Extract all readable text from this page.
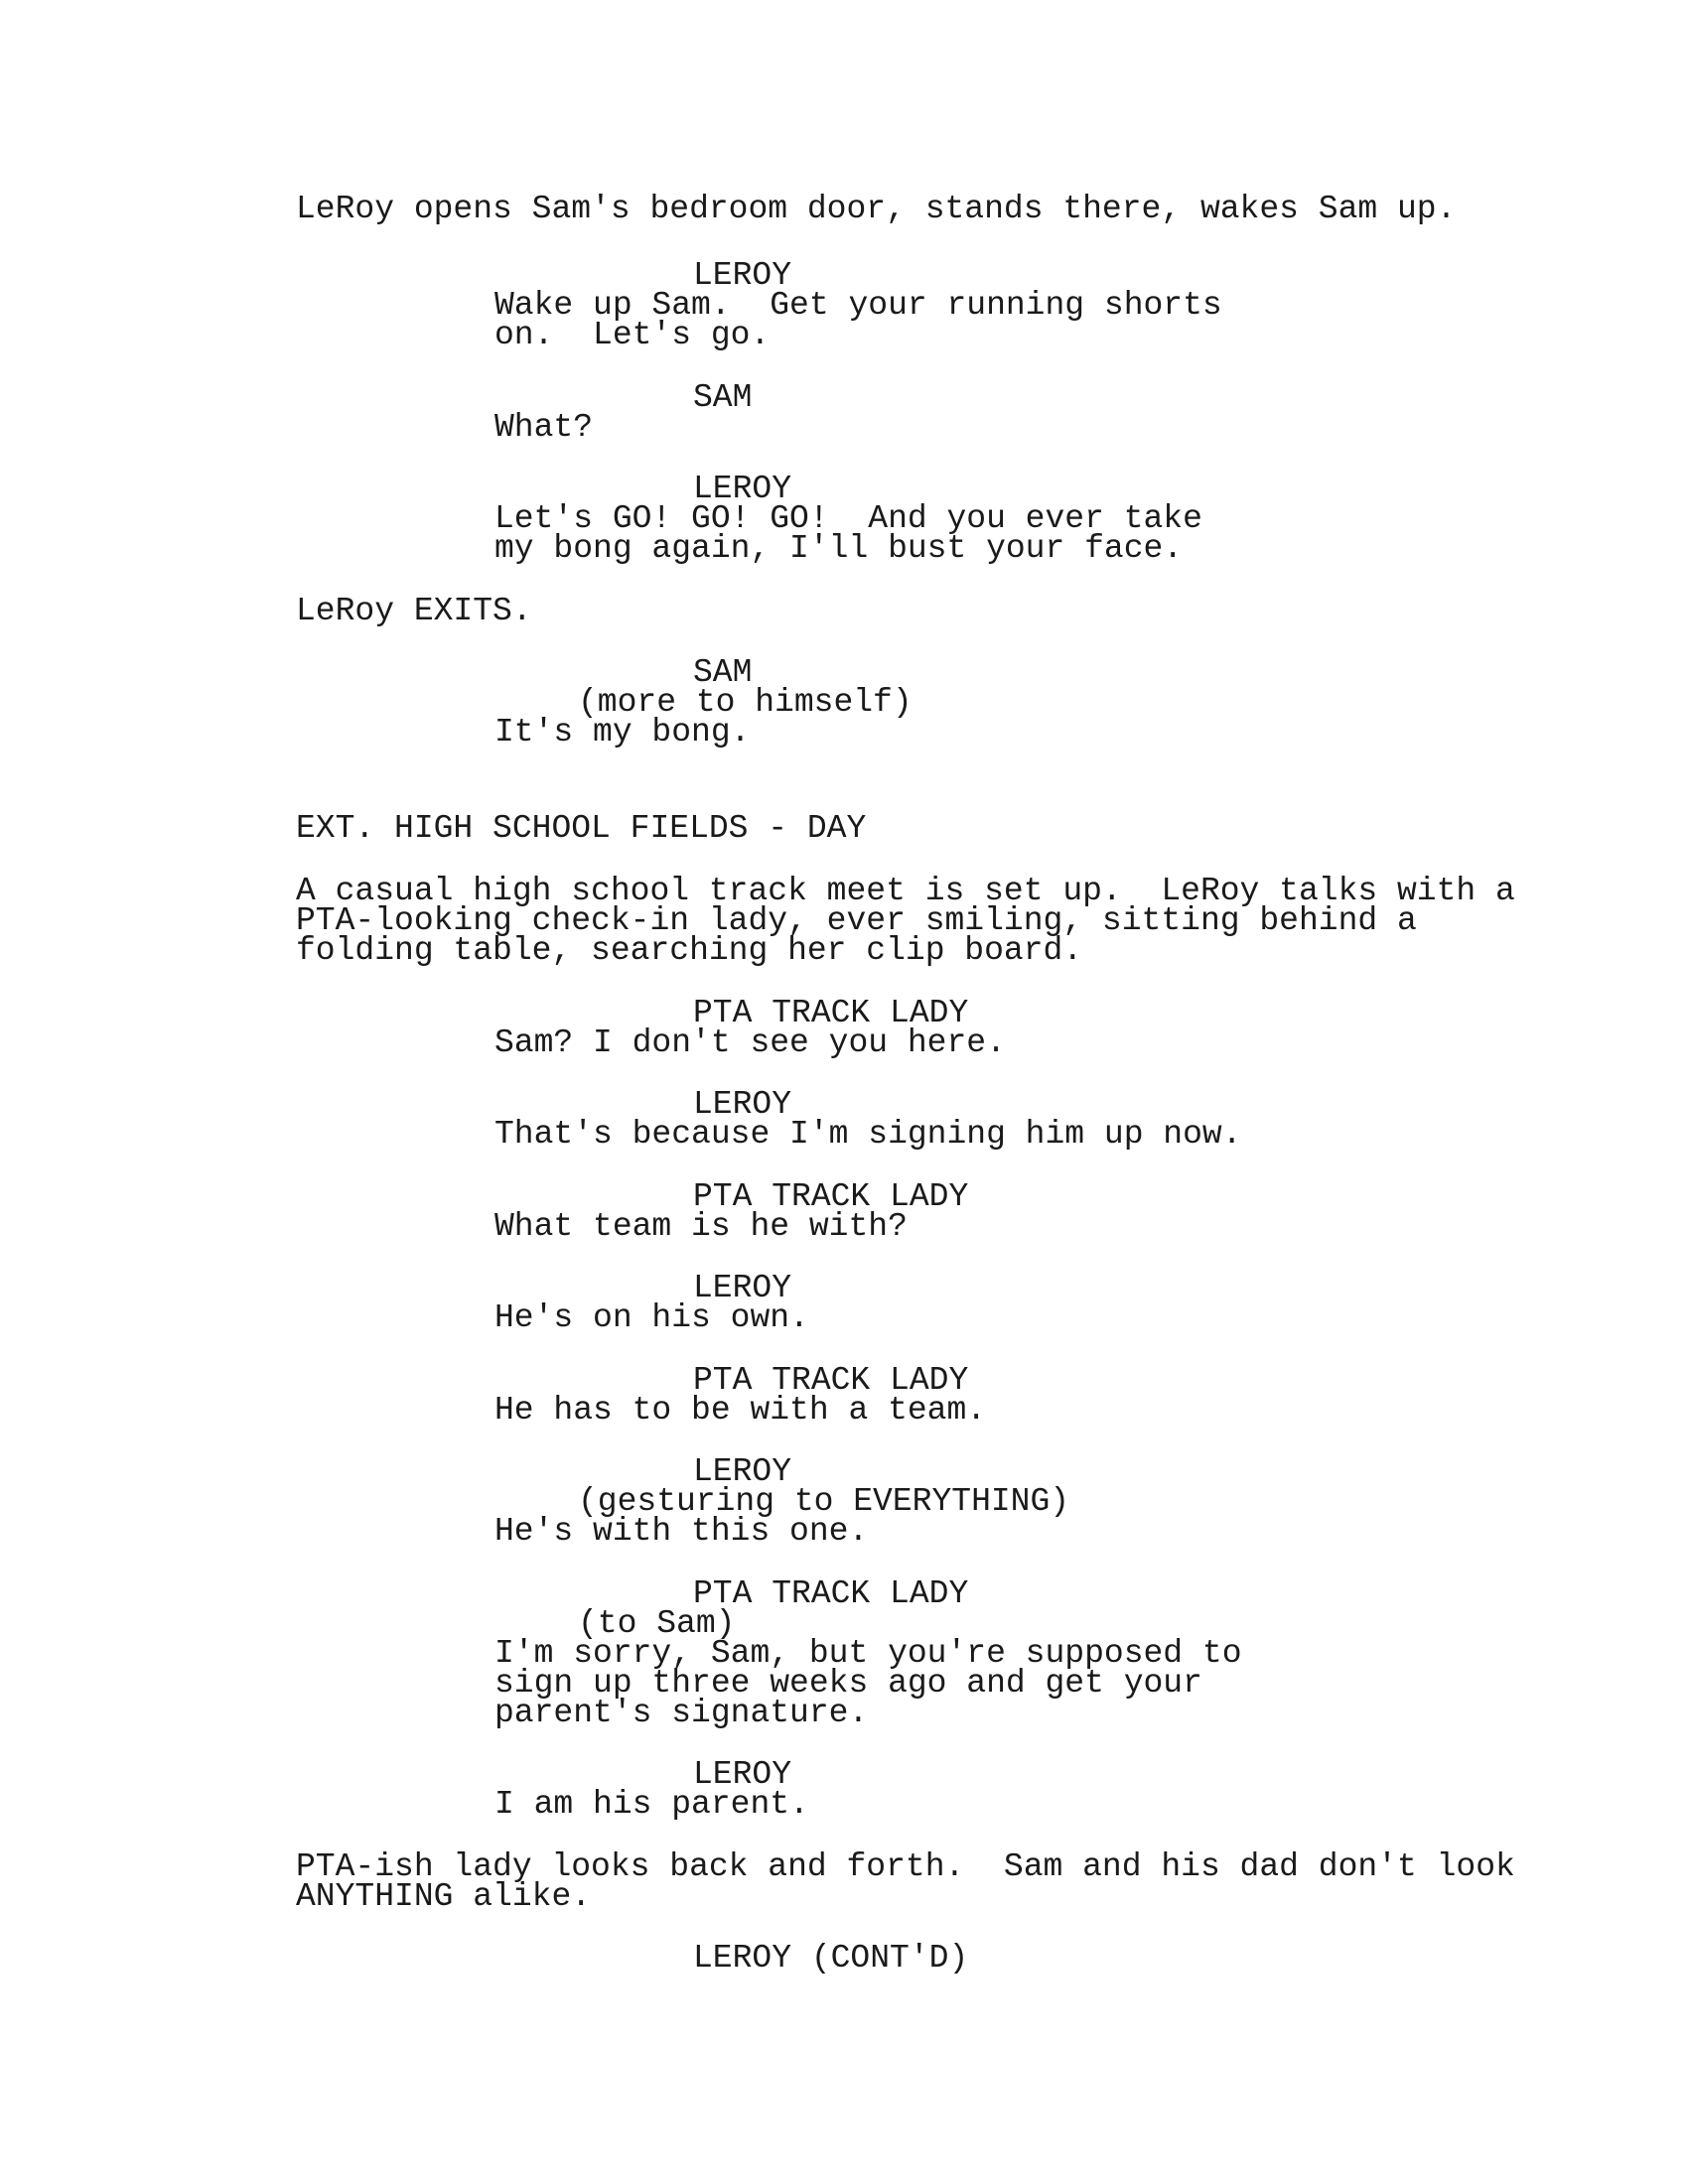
LeRoy opens Sam's bedroom door, stands there, wakes Sam up.

LEROY

Wake up Sam.  Get your running shorts

on.  Let's go.

SAM

What?

LEROY

Let's GO! GO! GO!  And you ever take

my bong again, I'll bust your face.

LeRoy EXITS.

SAM

(more to himself)

It's my bong.

EXT. HIGH SCHOOL FIELDS - DAY

A casual high school track meet is set up.  LeRoy talks with a

PTA-looking check-in lady, ever smiling, sitting behind a

folding table, searching her clip board.

PTA TRACK LADY

Sam? I don't see you here.

LEROY

That's because I'm signing him up now.

PTA TRACK LADY

What team is he with?

LEROY

He's on his own.

PTA TRACK LADY

He has to be with a team.

LEROY

(gesturing to EVERYTHING)

He's with this one.

PTA TRACK LADY

(to Sam)

I'm sorry, Sam, but you're supposed to

sign up three weeks ago and get your

parent's signature.

LEROY

I am his parent.

PTA-ish lady looks back and forth.  Sam and his dad don't look

ANYTHING alike.

LEROY (CONT'D)
